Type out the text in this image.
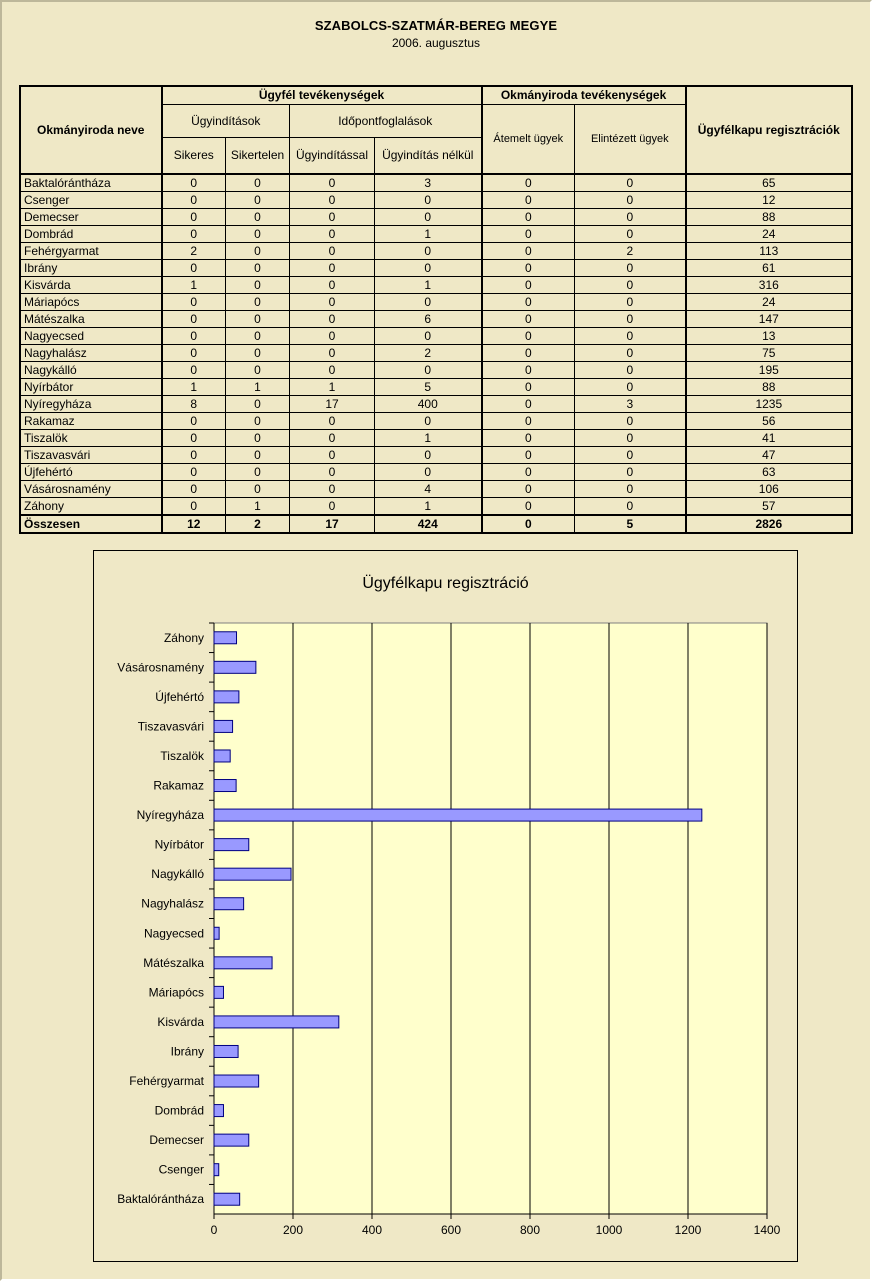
SZABOLCS-SZATMÁR-BEREG MEGYE
2006. augusztus
Okmányiroda neve	Ügyfél tevékenységek				Okmányiroda tevékenységek		Ügyfélkapu regisztrációk
	Ügyindítások		Időpontfoglalások		Átemelt ügyek	Elintézett ügyek	
	Sikeres	Sikertelen	Ügyindítással	Ügyindítás nélkül			
Baktalórántháza	0	0	0	3	0	0	65
Csenger	0	0	0	0	0	0	12
Demecser	0	0	0	0	0	0	88
Dombrád	0	0	0	1	0	0	24
Fehérgyarmat	2	0	0	0	0	2	113
Ibrány	0	0	0	0	0	0	61
Kisvárda	1	0	0	1	0	0	316
Máriapócs	0	0	0	0	0	0	24
Mátészalka	0	0	0	6	0	0	147
Nagyecsed	0	0	0	0	0	0	13
Nagyhalász	0	0	0	2	0	0	75
Nagykálló	0	0	0	0	0	0	195
Nyírbátor	1	1	1	5	0	0	88
Nyíregyháza	8	0	17	400	0	3	1235
Rakamaz	0	0	0	0	0	0	56
Tiszalök	0	0	0	1	0	0	41
Tiszavasvári	0	0	0	0	0	0	47
Újfehértó	0	0	0	0	0	0	63
Vásárosnamény	0	0	0	4	0	0	106
Záhony	0	1	0	1	0	0	57
Összesen	12	2	17	424	0	5	2826
Ügyfélkapu regisztráció
0	200	400	600	800	1000	1200	1400
Baktalórántháza
Csenger
Demecser
Dombrád
Fehérgyarmat
Ibrány
Kisvárda
Máriapócs
Mátészalka
Nagyecsed
Nagyhalász
Nagykálló
Nyírbátor
Nyíregyháza
Rakamaz
Tiszalök
Tiszavasvári
Újfehértó
Vásárosnamény
Záhony
